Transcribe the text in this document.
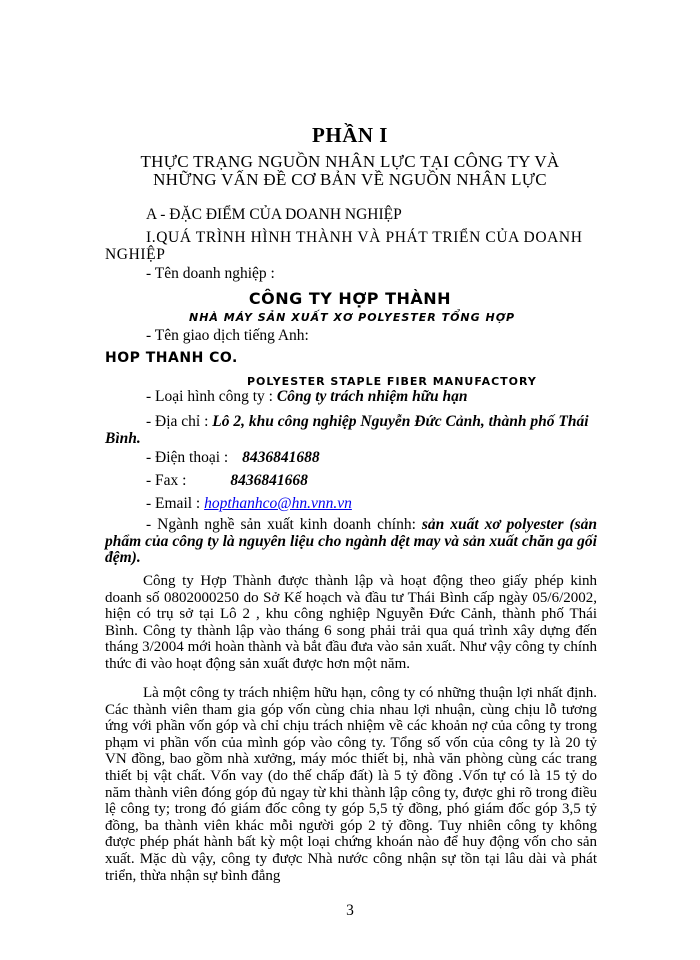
PHẦN I
THỰC TRẠNG NGUỒN NHÂN LỰC TẠI CÔNG TY VÀ
NHỮNG VẤN ĐỀ CƠ BẢN VỀ NGUỒN NHÂN LỰC
A - ĐẶC ĐIỂM CỦA DOANH NGHIỆP
I.QUÁ TRÌNH HÌNH THÀNH VÀ PHÁT TRIỂN CỦA DOANH
NGHIỆP
- Tên doanh nghiệp :
CÔNG TY HỢP THÀNH
NHÀ MÁY SẢN XUẤT XƠ POLYESTER TỔNG HỢP
- Tên giao dịch tiếng Anh:
HOP THANH CO.
POLYESTER STAPLE FIBER MANUFACTORY
- Loại hình công ty : Công ty trách nhiệm hữu hạn
- Địa chỉ : Lô 2, khu công nghiệp Nguyễn Đức Cảnh, thành phố Thái Bình.
- Điện thoại : 8436841688
- Fax :	8436841668
- Email : hopthanhco@hn.vnn.vn
- Ngành nghề sản xuất kinh doanh chính: sản xuất xơ polyester (sản phẩm của công ty là nguyên liệu cho ngành dệt may và sản xuất chăn ga gối đệm).
Công ty Hợp Thành được thành lập và hoạt động theo giấy phép kinh doanh số 0802000250 do Sở Kế hoạch và đầu tư Thái Bình cấp ngày 05/6/2002, hiện có trụ sở tại Lô 2 , khu công nghiệp Nguyễn Đức Cảnh, thành phố Thái Bình. Công ty thành lập vào tháng 6 song phải trải qua quá trình xây dựng đến tháng 3/2004 mới hoàn thành và bắt đầu đưa vào sản xuất. Như vậy công ty chính thức đi vào hoạt động sản xuất được hơn một năm.
Là một công ty trách nhiệm hữu hạn, công ty có những thuận lợi nhất định. Các thành viên tham gia góp vốn cùng chia nhau lợi nhuận, cùng chịu lỗ tương ứng với phần vốn góp và chỉ chịu trách nhiệm về các khoản nợ của công ty trong phạm vi phần vốn của mình góp vào công ty. Tổng số vốn của công ty là 20 tỷ VN đồng, bao gồm nhà xưởng, máy móc thiết bị, nhà văn phòng cùng các trang thiết bị vật chất. Vốn vay (do thế chấp đất) là 5 tỷ đồng .Vốn tự có là 15 tỷ do năm thành viên đóng góp đủ ngay từ khi thành lập công ty, được ghi rõ trong điều lệ công ty; trong đó giám đốc công ty góp 5,5 tỷ đồng, phó giám đốc góp 3,5 tỷ đồng, ba thành viên khác mỗi người góp 2 tỷ đồng. Tuy nhiên công ty không được phép phát hành bất kỳ một loại chứng khoán nào để huy động vốn cho sản xuất. Mặc dù vậy, công ty được Nhà nước công nhận sự tồn tại lâu dài và phát triển, thừa nhận sự bình đẳng
3
